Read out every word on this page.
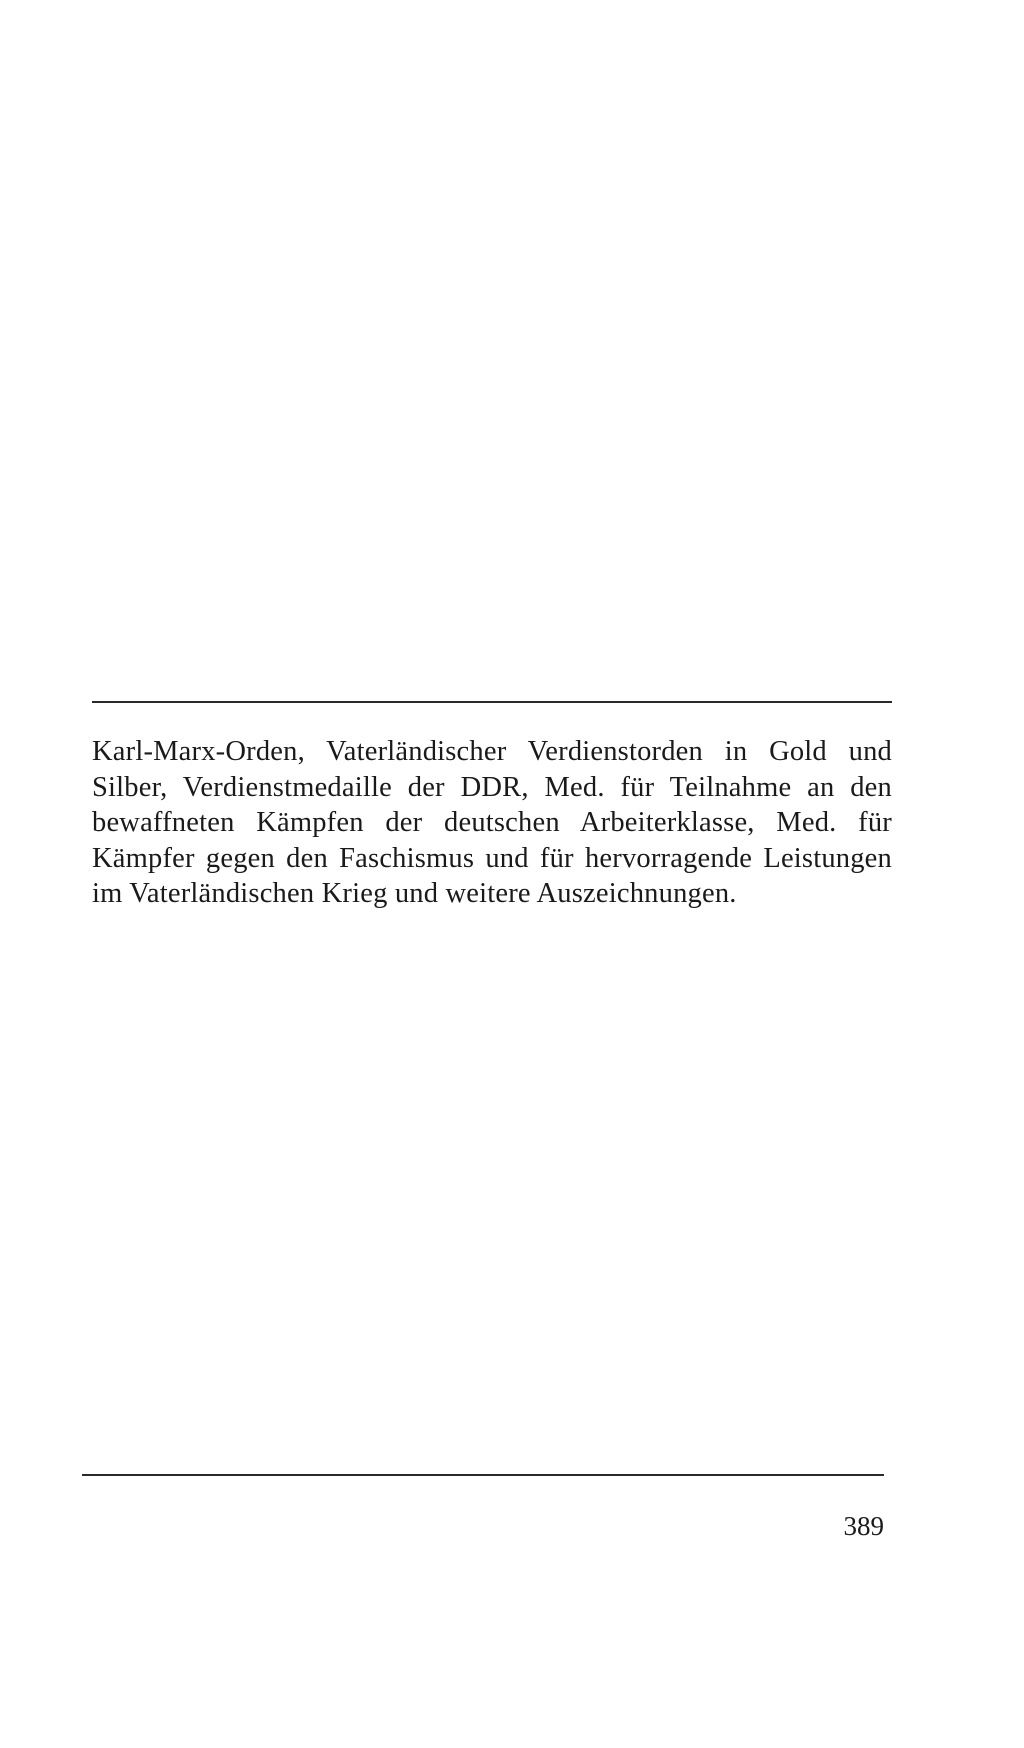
Karl-Marx-Orden, Vaterländischer Verdienstorden in Gold und Silber, Verdienstmedaille der DDR, Med. für Teilnahme an den bewaffneten Kämpfen der deutschen Arbeiterklasse, Med. für Kämpfer gegen den Faschismus und für hervorragende Leistungen im Vaterländischen Krieg und weitere Auszeichnungen.

389
